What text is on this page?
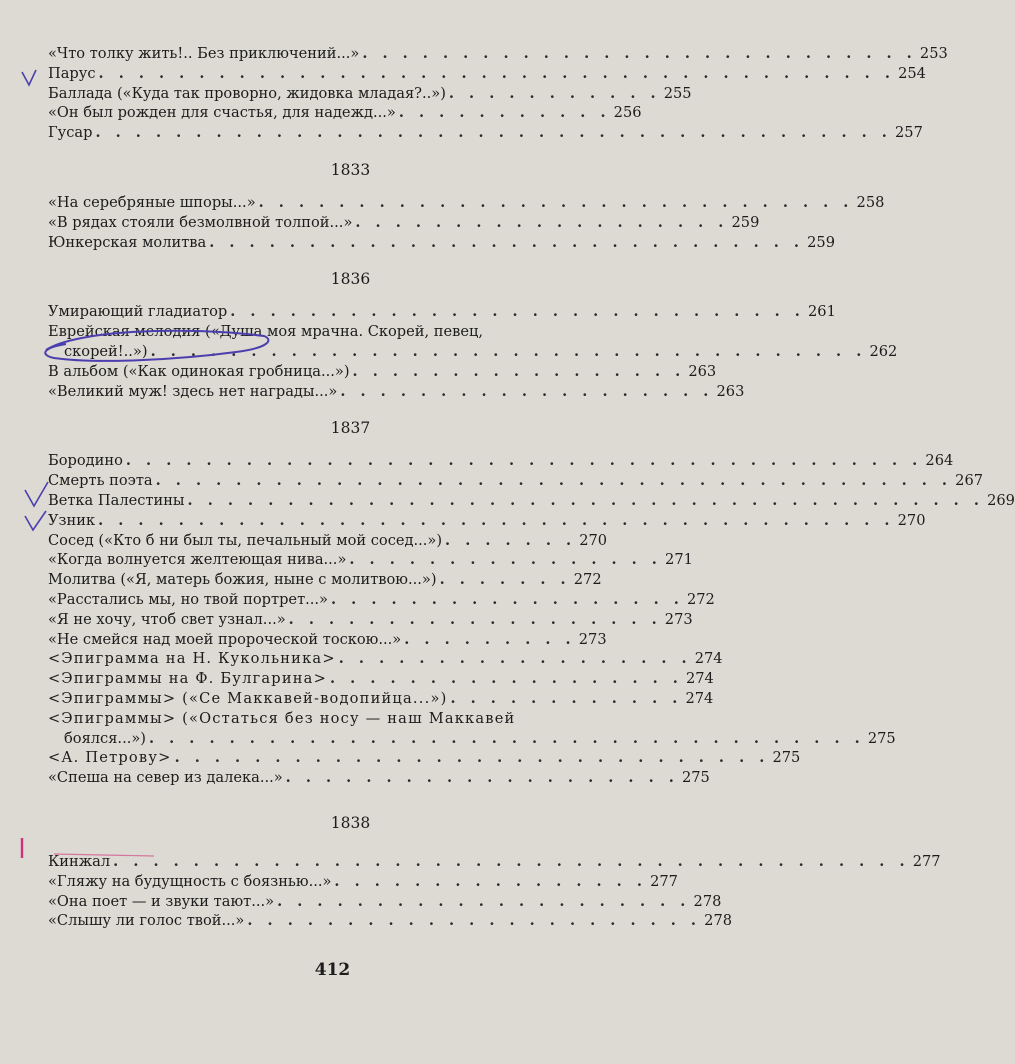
«Что толку жить!.. Без приключений...» . . . . . . . . . . . . . . . . . . . . . . . . . . . . 253
Парус . . . . . . . . . . . . . . . . . . . . . . . . . . . . . . . . . . . . . . . . 254
Баллада («Куда так проворно, жидовка младая?..») . . . . . . . . . . . 255
«Он был рожден для счастья, для надежд...» . . . . . . . . . . . 256
Гусар . . . . . . . . . . . . . . . . . . . . . . . . . . . . . . . . . . . . . . . . 257
1833
«На серебряные шпоры...» . . . . . . . . . . . . . . . . . . . . . . . . . . . . . . 258
«В рядах стояли безмолвной толпой...» . . . . . . . . . . . . . . . . . . . 259
Юнкерская молитва . . . . . . . . . . . . . . . . . . . . . . . . . . . . . . 259
1836
Умирающий гладиатор . . . . . . . . . . . . . . . . . . . . . . . . . . . . . 261
Еврейская мелодия («Душа моя мрачна. Скорей, певец,
скорей!..») . . . . . . . . . . . . . . . . . . . . . . . . . . . . . . . . . . . . 262
В альбом («Как одинокая гробница...») . . . . . . . . . . . . . . . . . 263
«Великий муж! здесь нет награды...» . . . . . . . . . . . . . . . . . . . 263
1837
Бородино . . . . . . . . . . . . . . . . . . . . . . . . . . . . . . . . . . . . . . . . 264
Смерть поэта . . . . . . . . . . . . . . . . . . . . . . . . . . . . . . . . . . . . . . . . 267
Ветка Палестины . . . . . . . . . . . . . . . . . . . . . . . . . . . . . . . . . . . . . . . . 269
Узник . . . . . . . . . . . . . . . . . . . . . . . . . . . . . . . . . . . . . . . . 270
Сосед («Кто б ни был ты, печальный мой сосед...») . . . . . . . 270
«Когда волнуется желтеющая нива...» . . . . . . . . . . . . . . . . 271
Молитва («Я, матерь божия, ныне с молитвою...») . . . . . . . 272
«Расстались мы, но твой портрет...» . . . . . . . . . . . . . . . . . . 272
«Я не хочу, чтоб свет узнал...» . . . . . . . . . . . . . . . . . . . 273
«Не смейся над моей пророческой тоскою...» . . . . . . . . . 273
<Эпиграмма на Н. Кукольника> . . . . . . . . . . . . . . . . . . 274
<Эпиграммы на Ф. Булгарина> . . . . . . . . . . . . . . . . . . 274
<Эпиграммы> («Се Маккавей-водопийца...») . . . . . . . . . . . . 274
<Эпиграммы> («Остаться без носу — наш Маккавей
боялся...») . . . . . . . . . . . . . . . . . . . . . . . . . . . . . . . . . . . . 275
<А. Петрову> . . . . . . . . . . . . . . . . . . . . . . . . . . . . . . 275
«Спеша на север из далека...» . . . . . . . . . . . . . . . . . . . . 275
1838
Кинжал . . . . . . . . . . . . . . . . . . . . . . . . . . . . . . . . . . . . . . . . 277
«Гляжу на будущность с боязнью...» . . . . . . . . . . . . . . . . 277
«Она поет — и звуки тают...» . . . . . . . . . . . . . . . . . . . . . 278
«Слышу ли голос твой...» . . . . . . . . . . . . . . . . . . . . . . . 278
412
